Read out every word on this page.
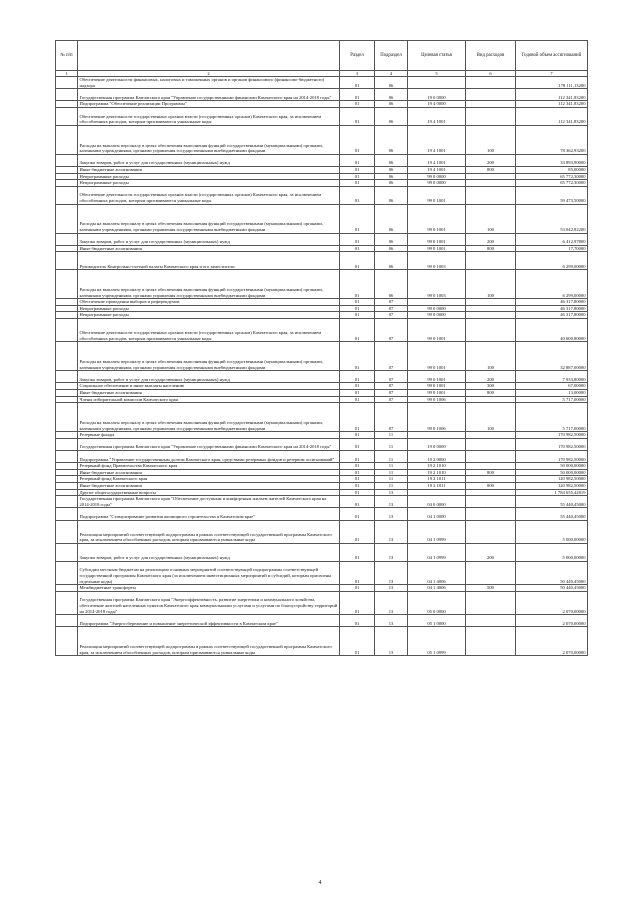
№ п/п		Раздел	Подраздел	Целевая статья	Вид расходов	Годовой объем ассигнований
1	2	3	4	5	6	7
	Обеспечение деятельности финансовых, налоговых и таможенных органов и органов финансового (финансово-бюджетного) надзора	01	06			178 111,13200
	Государственная программа Камчатского края "Управление государственными финансами Камчатского края на 2014-2018 годы"	01	06	19 0 0000		112 341,83200
	Подпрограмма "Обеспечение реализации Программы"	01	06	19 4 0000		112 341,83200
	Обеспечение деятельности государственных органов власти (государственных органов) Камчатского края, за исключением обособленных расходов, которым присваиваются уникальные коды	01	06	19 4 1001		112 341,83200
	Расходы на выплаты персоналу в целях обеспечения выполнения функций государственными (муниципальными) органами, казенными учреждениями, органами управления государственными внебюджетными фондами	01	06	19 4 1001	100	78 362,93200
	Закупка товаров, работ и услуг для государственных (муниципальных) нужд	01	06	19 4 1001	200	33 893,90000
	Иные бюджетные ассигнования	01	06	19 4 1001	800	85,00000
	Непрограммные расходы	01	06	99 0 0000		65 772,30000
	Непрограммные расходы	01	06	99 0 0000		65 772,30000
	Обеспечение деятельности государственных органов власти (государственных органов) Камчатского края, за исключением обособленных расходов, которым присваиваются уникальные коды	01	06	99 0 1001		59 473,50000
	Расходы на выплаты персоналу в целях обеспечения выполнения функций государственными (муниципальными) органами, казенными учреждениями, органами управления государственными внебюджетными фондами	01	06	99 0 1001	100	53 042,82200
	Закупка товаров, работ и услуг для государственных (муниципальных) нужд	01	06	99 0 1001	200	6 412,97800
	Иные бюджетные ассигнования	01	06	99 0 1001	800	17,70000
	Руководитель Контрольно-счетной палаты Камчатского края и его заместители	01	06	99 0 1003		6 299,00000
	Расходы на выплаты персоналу в целях обеспечения выполнения функций государственными (муниципальными) органами, казенными учреждениями, органами управления государственными внебюджетными фондами	01	06	99 0 1003	100	6 299,00000
	Обеспечение проведения выборов и референдумов	01	07			46 317,80000
	Непрограммные расходы	01	07	99 0 0000		46 317,80000
	Непрограммные расходы	01	07	99 0 0000		46 317,80000
	Обеспечение деятельности государственных органов власти (государственных органов) Камчатского края, за исключением обособленных расходов, которым присваиваются уникальные коды	01	07	99 0 1001		40 600,80000
	Расходы на выплаты персоналу в целях обеспечения выполнения функций государственными (муниципальными) органами, казенными учреждениями, органами управления государственными внебюджетными фондами	01	07	99 0 1001	100	32 887,00000
	Закупка товаров, работ и услуг для государственных (муниципальных) нужд	01	07	99 0 1001	200	7 933,80000
	Социальное обеспечение и иные выплаты населению	01	07	99 0 1001	300	67,00000
	Иные бюджетные ассигнования	01	07	99 0 1001	800	13,00000
	Члены избирательной комиссии Камчатского края	01	07	99 0 1006		5 717,00000
	Расходы на выплаты персоналу в целях обеспечения выполнения функций государственными (муниципальными) органами, казенными учреждениями, органами управления государственными внебюджетными фондами	01	07	99 0 1006	100	5 717,00000
	Резервные фонды	01	11			170 982,50000
	Государственная программа Камчатского края "Управление государственными финансами Камчатского края на 2014-2018 годы"	01	11	19 0 0000		170 982,50000
	Подпрограмма "Управление государственным долгом Камчатского края, средствами резервных фондов и резервом ассигнований"	01	11	19 2 0000		170 982,50000
	Резервный фонд Правительства Камчатского края	01	11	19 2 1010		50 000,00000
	Иные бюджетные ассигнования	01	11	19 2 1010	800	50 000,00000
	Резервный фонд Камчатского края	01	11	19 2 1011		120 982,50000
	Иные бюджетные ассигнования	01	11	19 2 1011	800	120 982,50000
	Другие общегосударственные вопросы	01	13			1 784 655,42819
	Государственная программа Камчатского края "Обеспечение доступным и комфортным жильем жителей Камчатского края на 2014-2018 годы"	01	13	04 0 0000		55 440,45000
	Подпрограмма "Стимулирование развития жилищного строительства в Камчатском крае"	01	13	04 1 0000		55 440,45000
	Реализация мероприятий соответствующей подпрограммы в рамках соответствующей государственной программы Камчатского края, за исключением обособленных расходов, которым присваиваются уникальные коды	01	13	04 1 0999		5 000,00000
	Закупка товаров, работ и услуг для государственных (муниципальных) нужд	01	13	04 1 0999	200	5 000,00000
	Субсидии местным бюджетам на реализацию основных мероприятий соответствующей подпрограммы соответствующей государственной программы Камчатского края (за исключением инвестиционных мероприятий и субсидий, которым присвоены отдельные коды)	01	13	04 1 4006		50 440,45000
	Межбюджетные трансферты	01	13	04 1 4006	500	50 440,45000
	Государственная программа Камчатского края "Энергоэффективность, развитие энергетики и коммунального хозяйства, обеспечение жителей населенных пунктов Камчатского края коммунальными услугами и услугами по благоустройству территорий на 2014-2018 годы"	01	13	05 0 0000		2 070,00000
	Подпрограмма "Энергосбережение и повышение энергетической эффективности в Камчатском крае"	01	13	05 1 0000		2 070,00000
	Реализация мероприятий соответствующей подпрограммы в рамках соответствующей государственной программы Камчатского края, за исключением обособленных расходов, которым присваиваются уникальные коды	01	13	05 1 0999		2 070,00000
4
